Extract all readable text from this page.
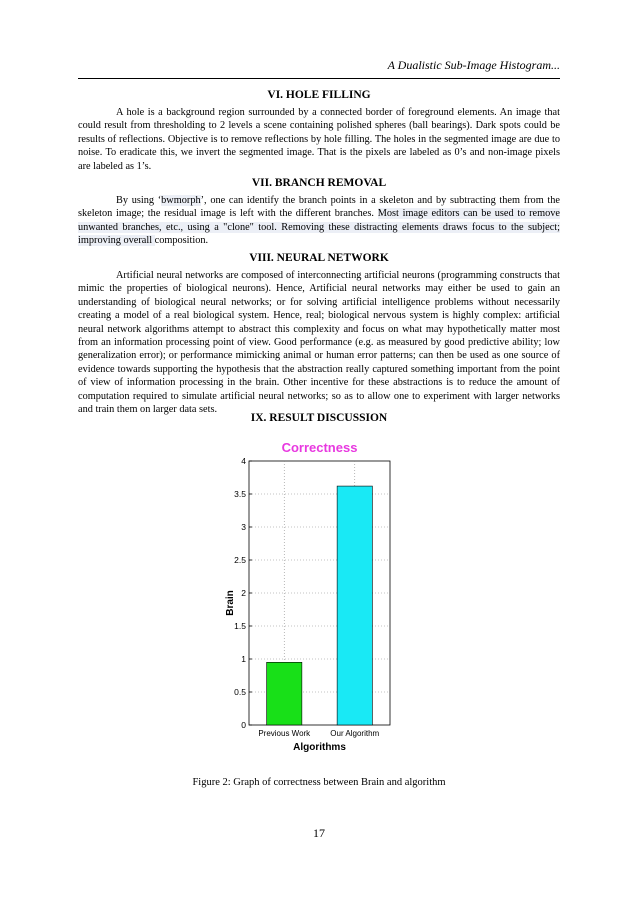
A Dualistic Sub-Image Histogram...
VI. HOLE FILLING

A hole is a background region surrounded by a connected border of foreground elements. An image that could result from thresholding to 2 levels a scene containing polished spheres (ball bearings). Dark spots could be results of reflections. Objective is to remove reflections by hole filling. The holes in the segmented image are due to noise. To eradicate this, we invert the segmented image. That is the pixels are labeled as 0’s and non-image pixels are labeled as 1’s.

VII. BRANCH REMOVAL

By using ‘bwmorph’, one can identify the branch points in a skeleton and by subtracting them from the skeleton image; the residual image is left with the different branches. Most image editors can be used to remove unwanted branches, etc., using a "clone" tool. Removing these distracting elements draws focus to the subject; improving overall composition.

VIII. NEURAL NETWORK

Artificial neural networks are composed of interconnecting artificial neurons (programming constructs that mimic the properties of biological neurons). Hence, Artificial neural networks may either be used to gain an understanding of biological neural networks; or for solving artificial intelligence problems without necessarily creating a model of a real biological system. Hence, real; biological nervous system is highly complex: artificial neural network algorithms attempt to abstract this complexity and focus on what may hypothetically matter most from an information processing point of view. Good performance (e.g. as measured by good predictive ability; low generalization error); or performance mimicking animal or human error patterns; can then be used as one source of evidence towards supporting the hypothesis that the abstraction really captured something important from the point of view of information processing in the brain. Other incentive for these abstractions is to reduce the amount of computation required to simulate artificial neural networks; so as to allow one to experiment with larger networks and train them on larger data sets.

IX. RESULT DISCUSSION
Correctness
0
0.5
1
1.5
2
2.5
3
3.5
4
Previous Work	Our Algorithm
Algorithms
Brain
Figure 2: Graph of correctness between Brain and algorithm
17
